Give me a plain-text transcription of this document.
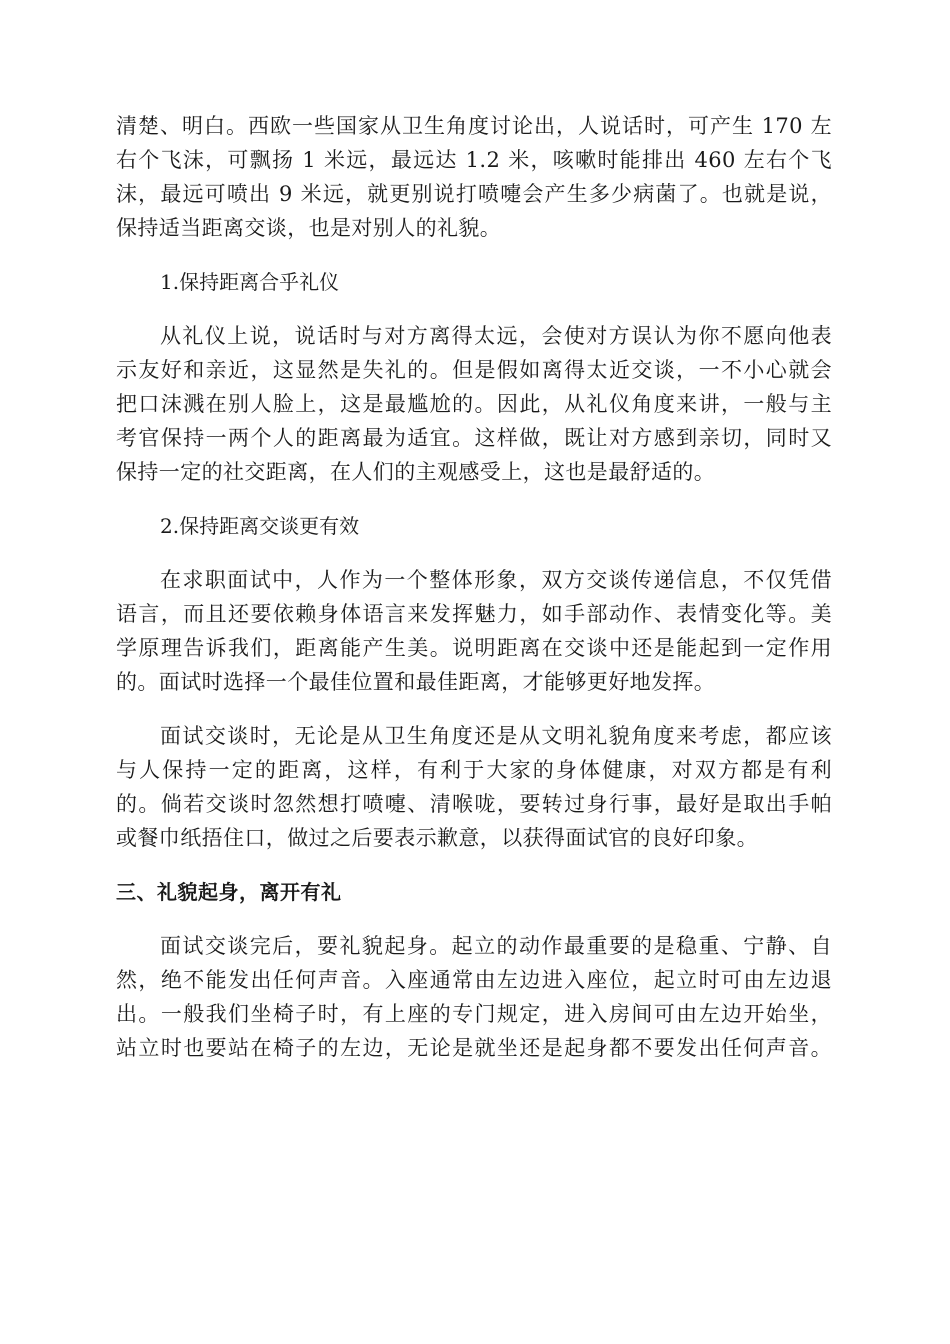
清楚、明白。西欧一些国家从卫生角度讨论出，人说话时，可产生 170 左
右个飞沫，可飘扬 1 米远，最远达 1.2 米，咳嗽时能排出 460 左右个飞
沫，最远可喷出 9 米远，就更别说打喷嚏会产生多少病菌了。也就是说，
保持适当距离交谈，也是对别人的礼貌。
1.保持距离合乎礼仪
从礼仪上说，说话时与对方离得太远，会使对方误认为你不愿向他表
示友好和亲近，这显然是失礼的。但是假如离得太近交谈，一不小心就会
把口沫溅在别人脸上，这是最尴尬的。因此，从礼仪角度来讲，一般与主
考官保持一两个人的距离最为适宜。这样做，既让对方感到亲切，同时又
保持一定的社交距离，在人们的主观感受上，这也是最舒适的。
2.保持距离交谈更有效
在求职面试中，人作为一个整体形象，双方交谈传递信息，不仅凭借
语言，而且还要依赖身体语言来发挥魅力，如手部动作、表情变化等。美
学原理告诉我们，距离能产生美。说明距离在交谈中还是能起到一定作用
的。面试时选择一个最佳位置和最佳距离，才能够更好地发挥。
面试交谈时，无论是从卫生角度还是从文明礼貌角度来考虑，都应该
与人保持一定的距离，这样，有利于大家的身体健康，对双方都是有利
的。倘若交谈时忽然想打喷嚏、清喉咙，要转过身行事，最好是取出手帕
或餐巾纸捂住口，做过之后要表示歉意，以获得面试官的良好印象。
三、礼貌起身，离开有礼
面试交谈完后，要礼貌起身。起立的动作最重要的是稳重、宁静、自
然，绝不能发出任何声音。入座通常由左边进入座位，起立时可由左边退
出。一般我们坐椅子时，有上座的专门规定，进入房间可由左边开始坐，
站立时也要站在椅子的左边，无论是就坐还是起身都不要发出任何声音。
